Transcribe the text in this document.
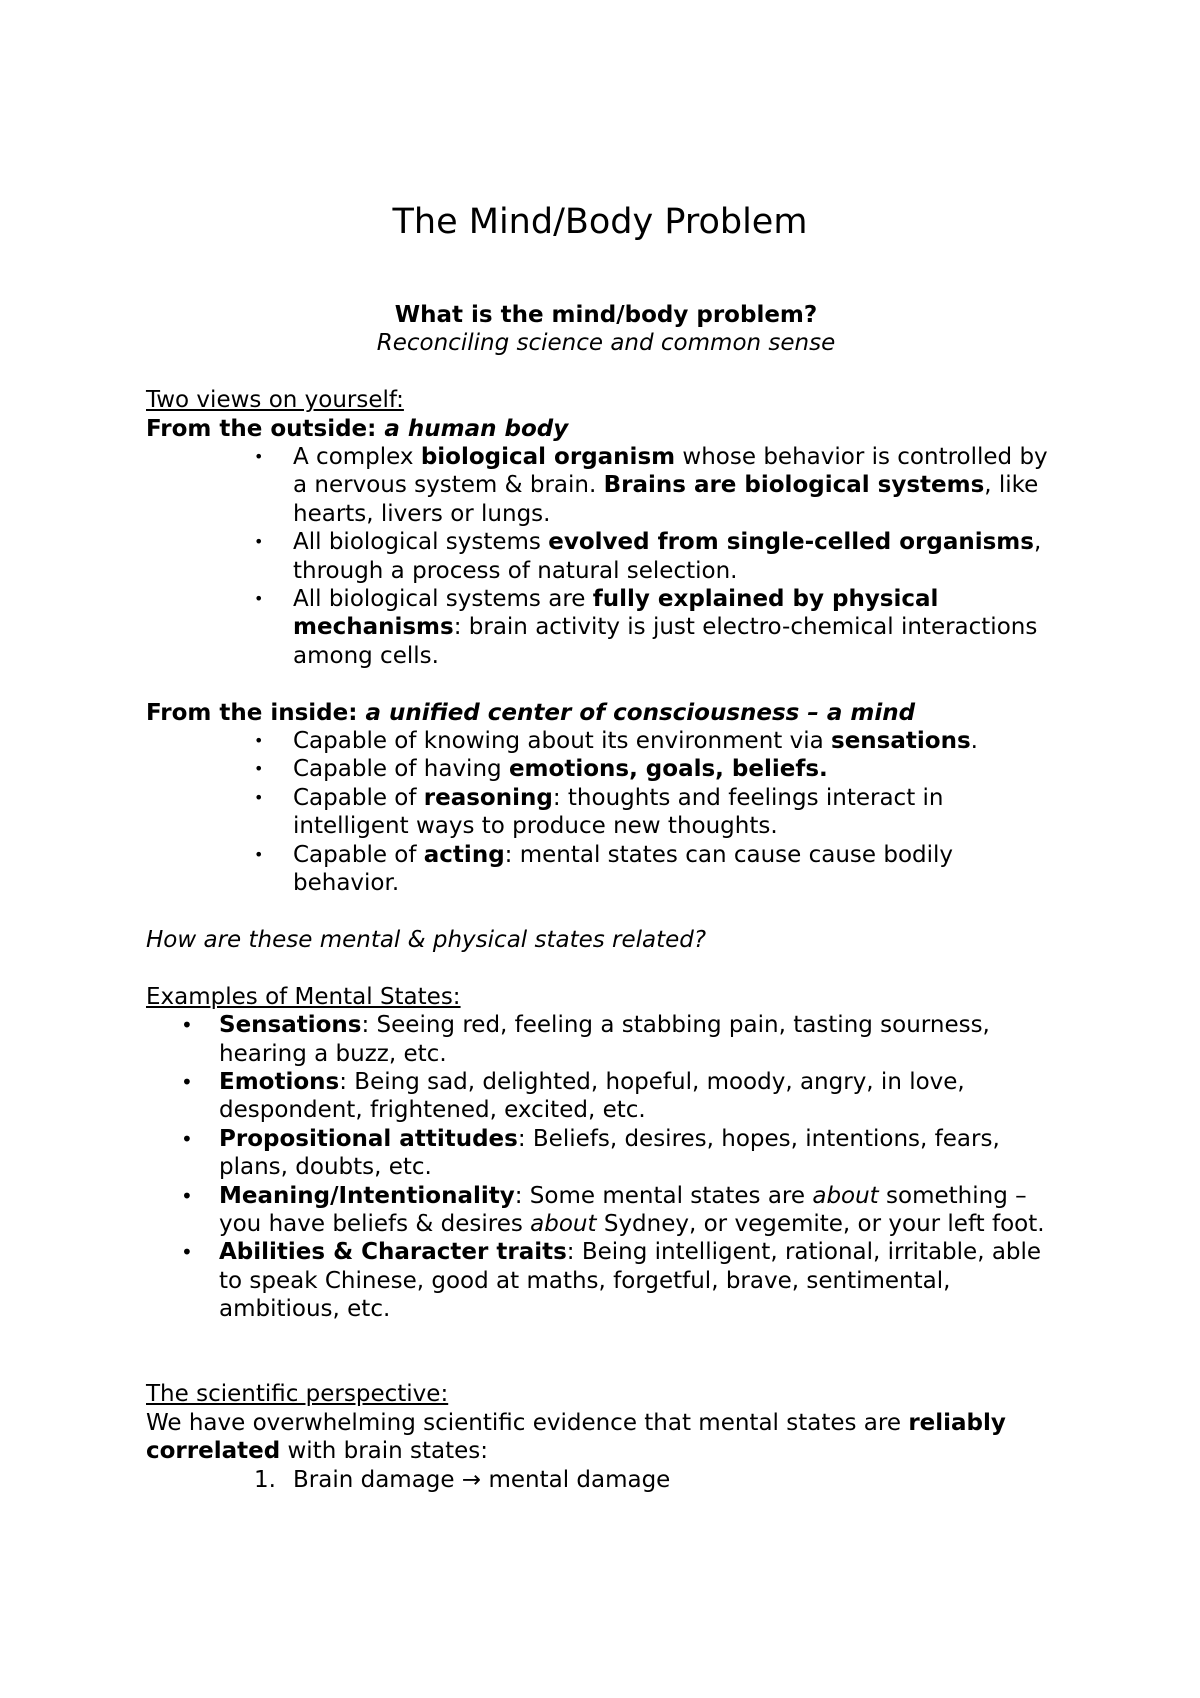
The Mind/Body Problem
What is the mind/body problem?
Reconciling science and common sense
Two views on yourself:
From the outside: a human body
• A complex biological organism whose behavior is controlled by a nervous system & brain. Brains are biological systems, like hearts, livers or lungs.
• All biological systems evolved from single-celled organisms, through a process of natural selection.
• All biological systems are fully explained by physical mechanisms: brain activity is just electro-chemical interactions among cells.
From the inside: a unified center of consciousness – a mind
• Capable of knowing about its environment via sensations.
• Capable of having emotions, goals, beliefs.
• Capable of reasoning: thoughts and feelings interact in intelligent ways to produce new thoughts.
• Capable of acting: mental states can cause cause bodily behavior.
How are these mental & physical states related?
Examples of Mental States:
• Sensations: Seeing red, feeling a stabbing pain, tasting sourness, hearing a buzz, etc.
• Emotions: Being sad, delighted, hopeful, moody, angry, in love, despondent, frightened, excited, etc.
• Propositional attitudes: Beliefs, desires, hopes, intentions, fears, plans, doubts, etc.
• Meaning/Intentionality: Some mental states are about something – you have beliefs & desires about Sydney, or vegemite, or your left foot.
• Abilities & Character traits: Being intelligent, rational, irritable, able to speak Chinese, good at maths, forgetful, brave, sentimental, ambitious, etc.
The scientific perspective:
We have overwhelming scientific evidence that mental states are reliably correlated with brain states:
1. Brain damage → mental damage
